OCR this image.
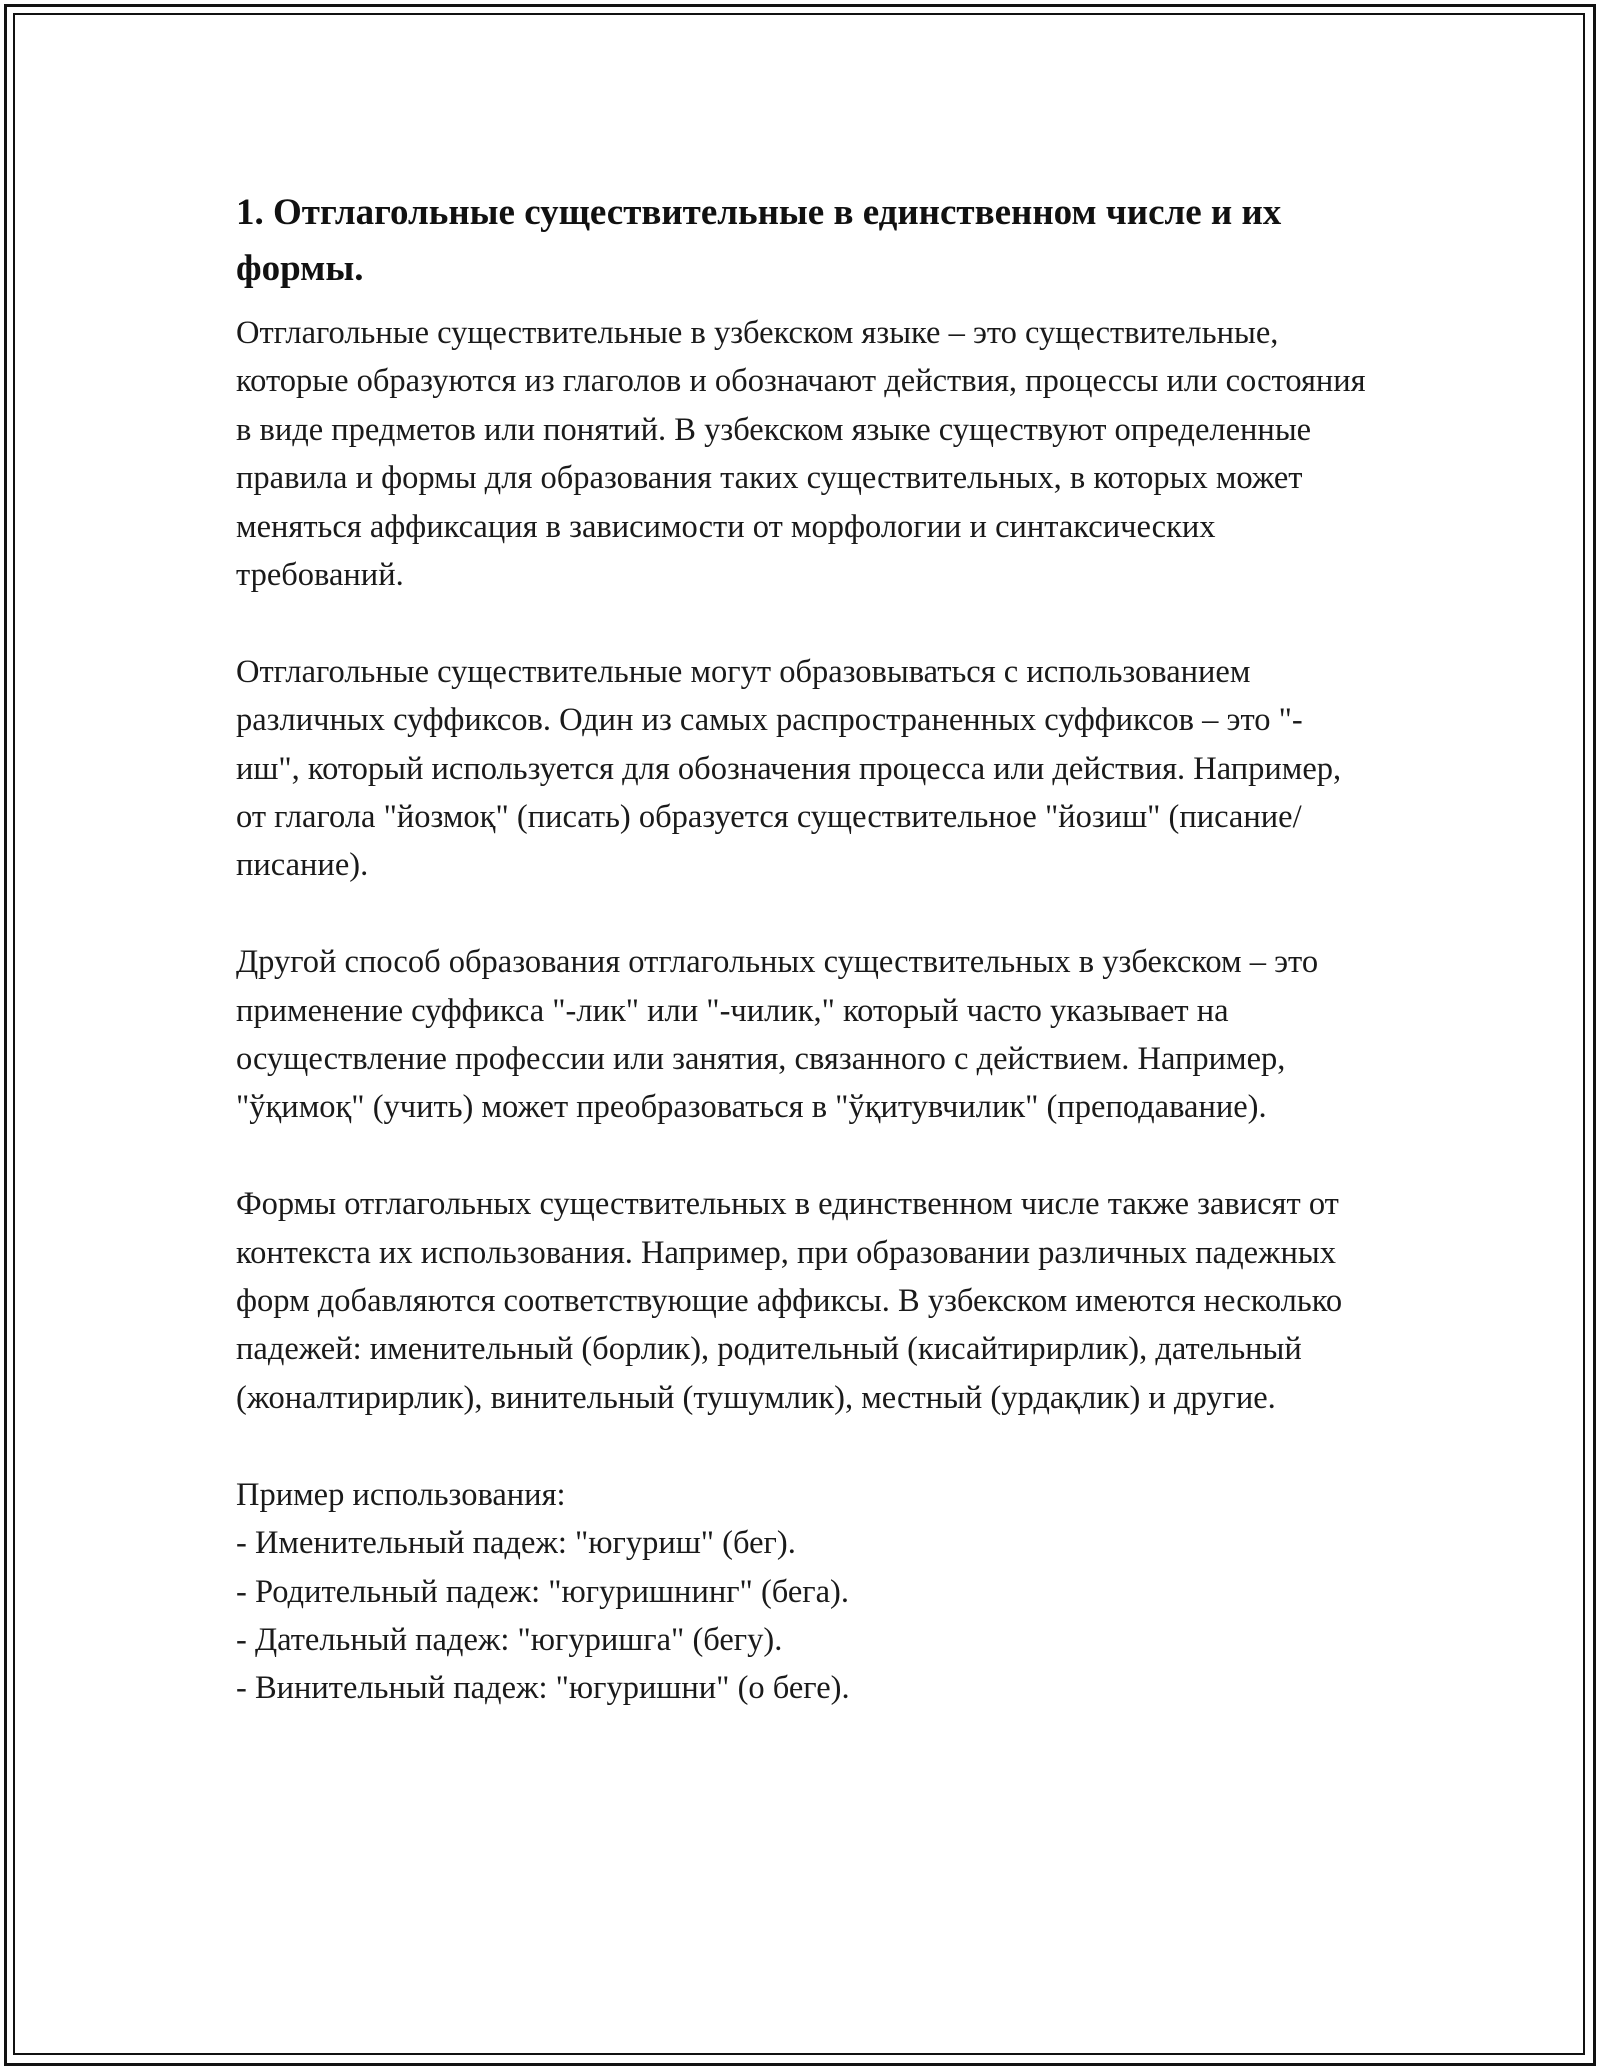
1. Отглагольные существительные в единственном числе и их формы.

Отглагольные существительные в узбекском языке – это существительные, которые образуются из глаголов и обозначают действия, процессы или состояния в виде предметов или понятий. В узбекском языке существуют определенные правила и формы для образования таких существительных, в которых может меняться аффиксация в зависимости от морфологии и синтаксических требований.

Отглагольные существительные могут образовываться с использованием различных суффиксов. Один из самых распространенных суффиксов – это "-иш", который используется для обозначения процесса или действия. Например, от глагола "йозмоқ" (писать) образуется существительное "йозиш" (писание/писание).

Другой способ образования отглагольных существительных в узбекском – это применение суффикса "-лик" или "-чилик," который часто указывает на осуществление профессии или занятия, связанного с действием. Например, "ўқимоқ" (учить) может преобразоваться в "ўқитувчилик" (преподавание).

Формы отглагольных существительных в единственном числе также зависят от контекста их использования. Например, при образовании различных падежных форм добавляются соответствующие аффиксы. В узбекском имеются несколько падежей: именительный (борлик), родительный (кисайтирирлик), дательный (жоналтирирлик), винительный (тушумлик), местный (урдақлик) и другие.

Пример использования:

- Именительный падеж: "югуриш" (бег).

- Родительный падеж: "югуришнинг" (бега).

- Дательный падеж: "югуришга" (бегу).

- Винительный падеж: "югуришни" (о беге).
